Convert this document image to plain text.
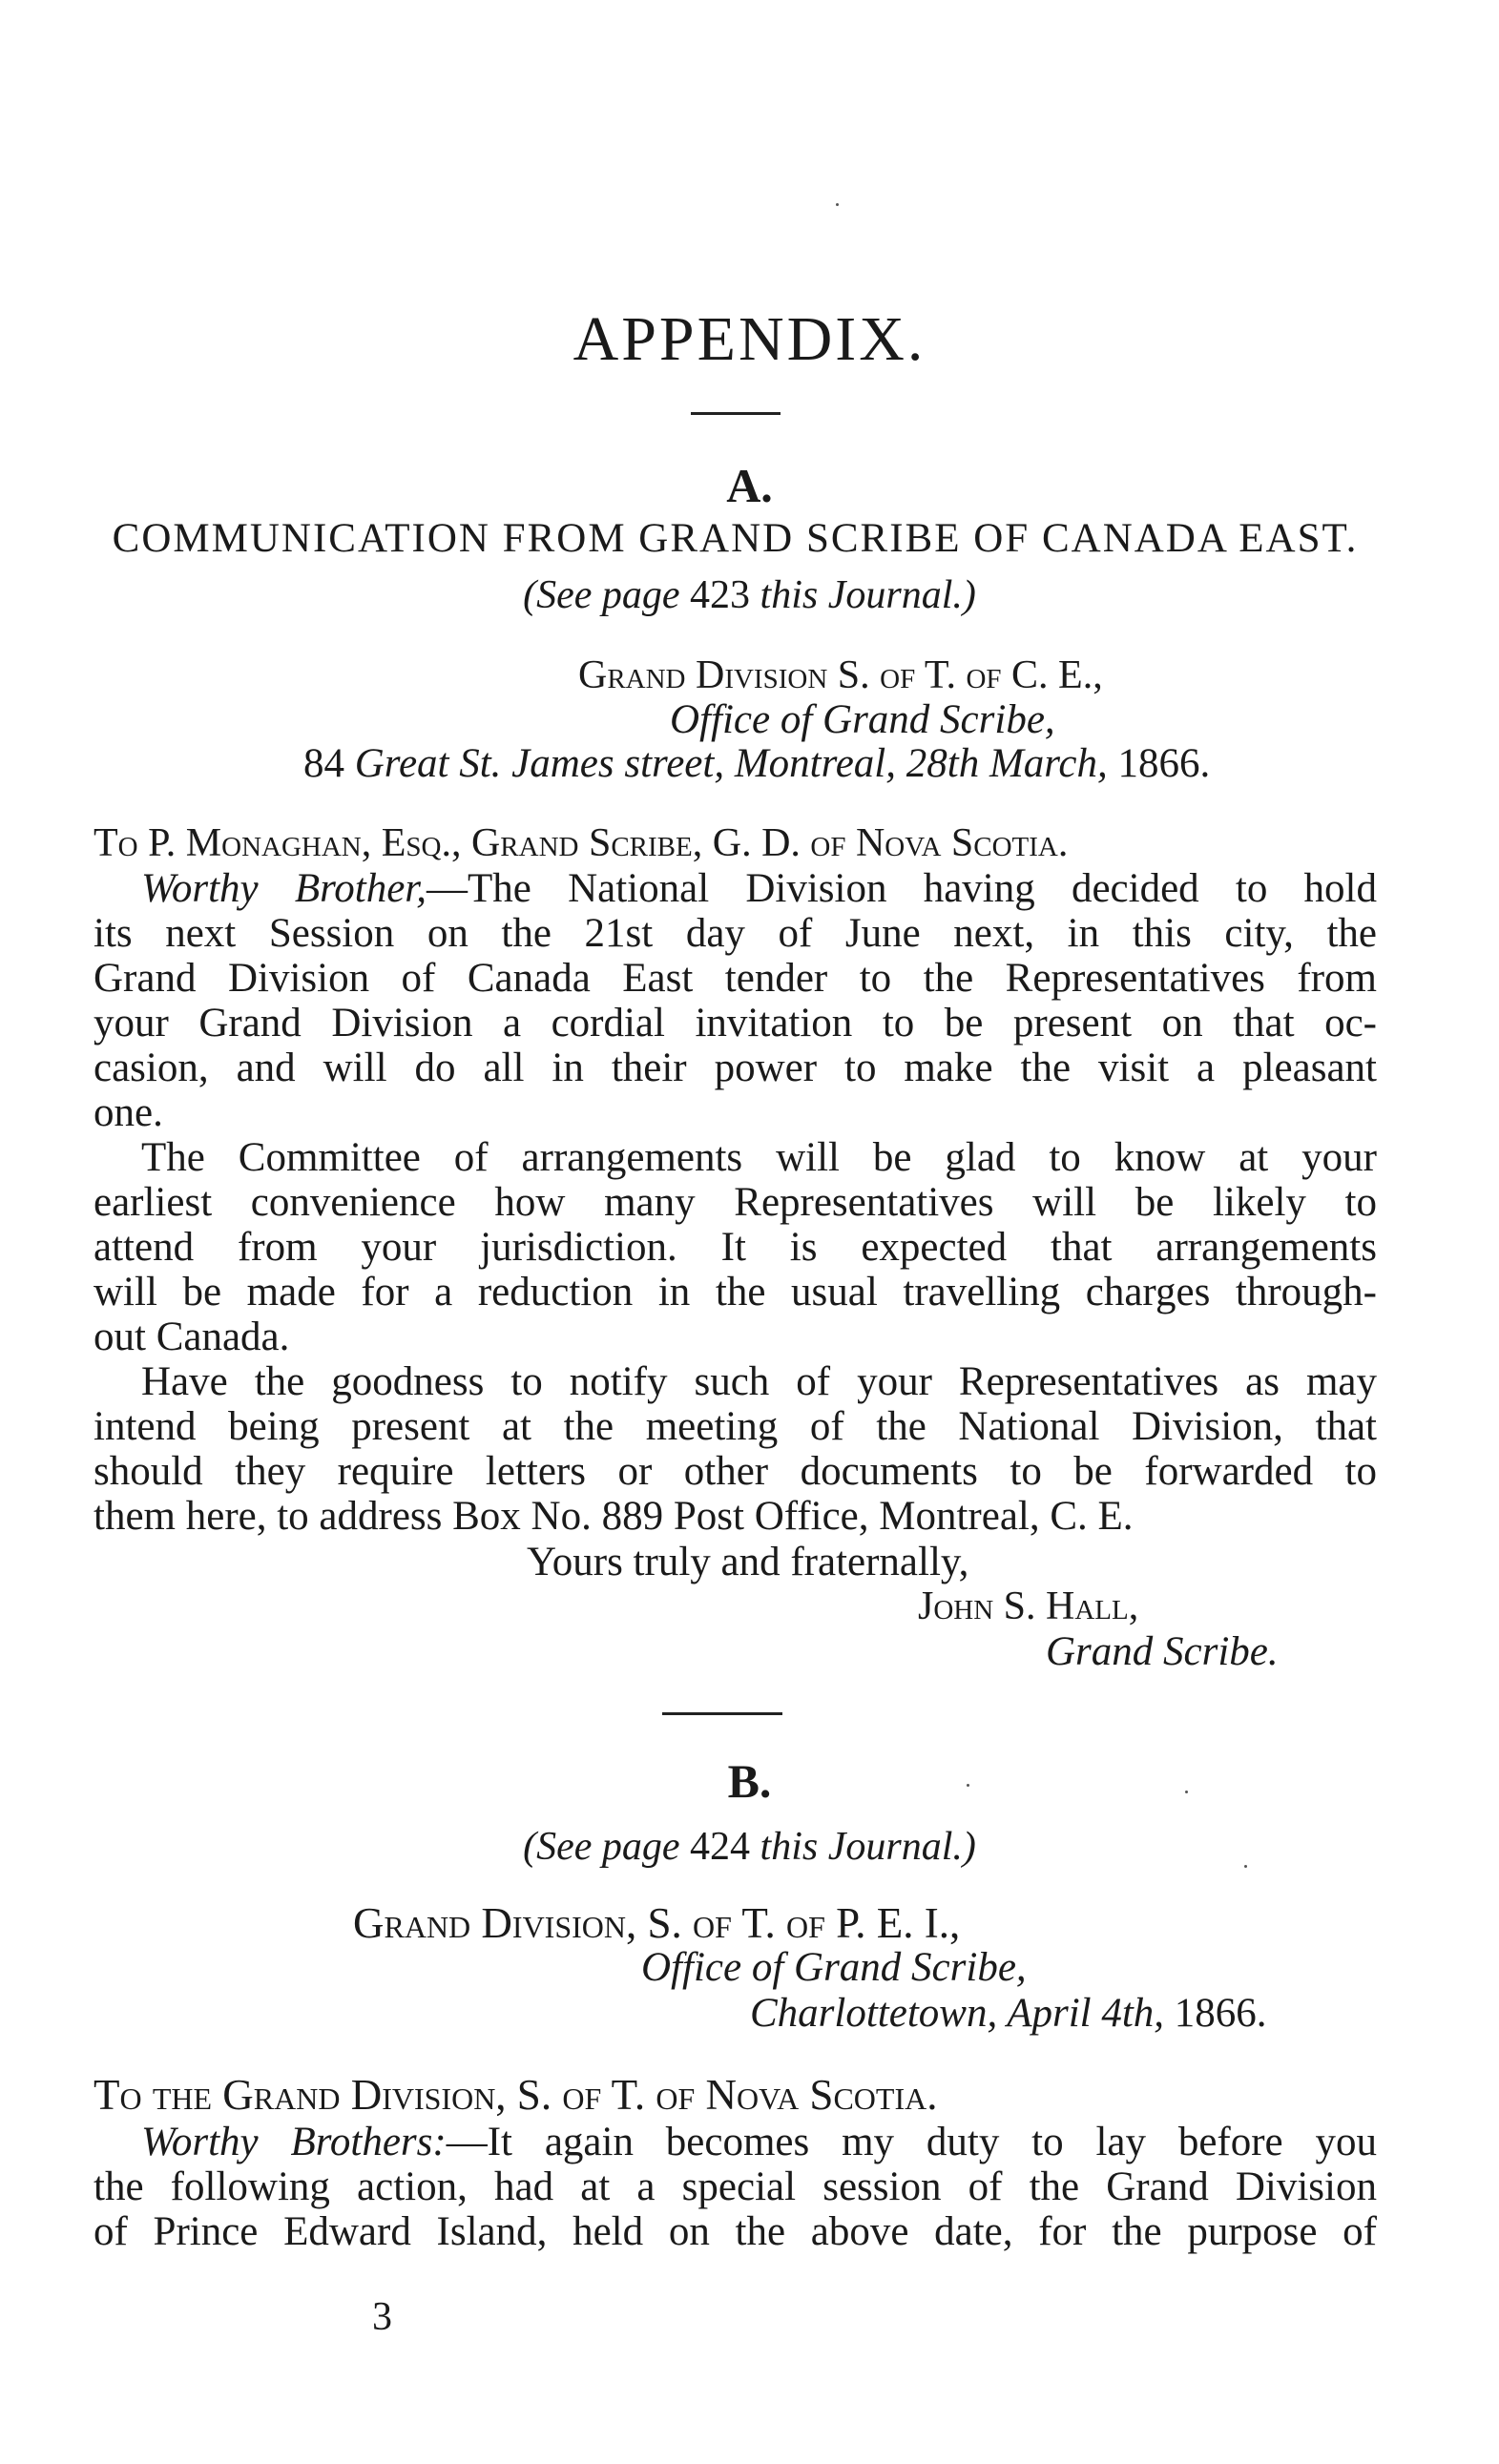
APPENDIX.
A.
COMMUNICATION FROM GRAND SCRIBE OF CANADA EAST.
(See page 423 this Journal.)
Grand Division S. of T. of C. E.,
Office of Grand Scribe,
84 Great St. James street, Montreal, 28th March, 1866.
To P. Monaghan, Esq., Grand Scribe, G. D. of Nova Scotia.
Worthy Brother,—The National Division having decided to hold
its next Session on the 21st day of June next, in this city, the
Grand Division of Canada East tender to the Representatives from
your Grand Division a cordial invitation to be present on that oc-
casion, and will do all in their power to make the visit a pleasant
one.
The Committee of arrangements will be glad to know at your
earliest convenience how many Representatives will be likely to
attend from your jurisdiction. It is expected that arrangements
will be made for a reduction in the usual travelling charges through-
out Canada.
Have the goodness to notify such of your Representatives as may
intend being present at the meeting of the National Division, that
should they require letters or other documents to be forwarded to
them here, to address Box No. 889 Post Office, Montreal, C. E.
Yours truly and fraternally,
John S. Hall,
Grand Scribe.
B.
(See page 424 this Journal.)
Grand Division, S. of T. of P. E. I.,
Office of Grand Scribe,
Charlottetown, April 4th, 1866.
To the Grand Division, S. of T. of Nova Scotia.
Worthy Brothers:—It again becomes my duty to lay before you
the following action, had at a special session of the Grand Division
of Prince Edward Island, held on the above date, for the purpose of
3
